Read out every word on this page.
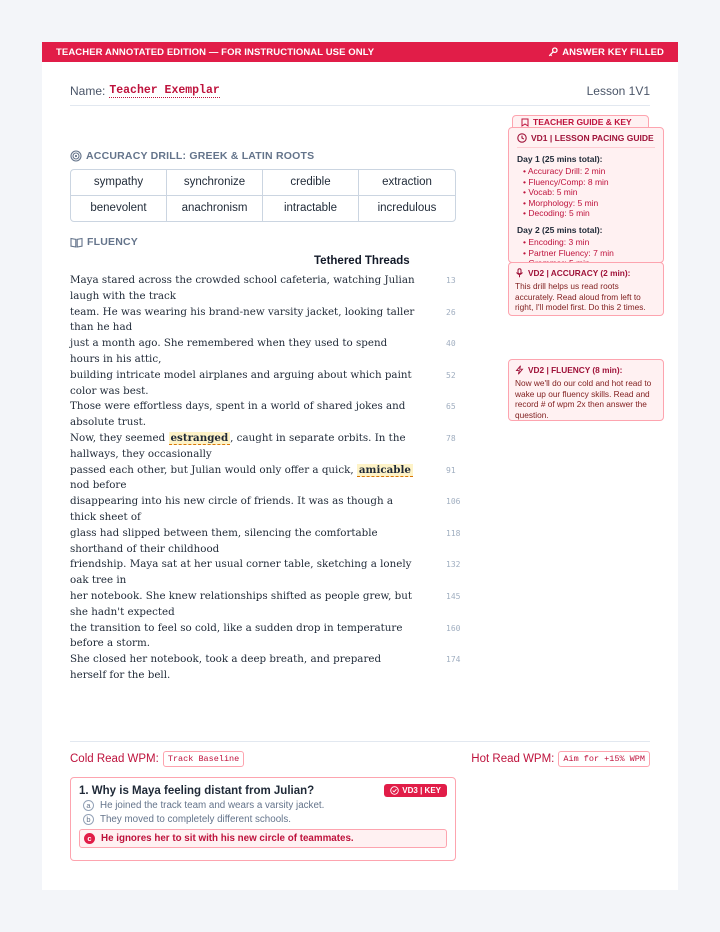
TEACHER ANNOTATED EDITION — FOR INSTRUCTIONAL USE ONLY	ANSWER KEY FILLED
Name: Teacher Exemplar	Lesson 1V1
ACCURACY DRILL: GREEK & LATIN ROOTS
sympathy	synchronize	credible	extraction
benevolent	anachronism	intractable	incredulous
FLUENCY
Tethered Threads
Maya stared across the crowded school cafeteria, watching Julian laugh with the track
13
team. He was wearing his brand-new varsity jacket, looking taller than he had
26
just a month ago. She remembered when they used to spend hours in his attic,
40
building intricate model airplanes and arguing about which paint color was best.
52
Those were effortless days, spent in a world of shared jokes and absolute trust.
65
Now, they seemed estranged , caught in separate orbits. In the hallways, they occasionally
78
passed each other, but Julian would only offer a quick, amicable nod before
91
disappearing into his new circle of friends. It was as though a thick sheet of
106
glass had slipped between them, silencing the comfortable shorthand of their childhood
118
friendship. Maya sat at her usual corner table, sketching a lonely oak tree in
132
her notebook. She knew relationships shifted as people grew, but she hadn't expected
145
the transition to feel so cold, like a sudden drop in temperature before a storm.
160
She closed her notebook, took a deep breath, and prepared herself for the bell.
174
TEACHER GUIDE & KEY
VD1 | LESSON PACING GUIDE
Day 1 (25 mins total):
• Accuracy Drill: 2 min
• Fluency/Comp: 8 min
• Vocab: 5 min
• Morphology: 5 min
• Decoding: 5 min
Day 2 (25 mins total):
• Encoding: 3 min
• Partner Fluency: 7 min
•
VD2 | ACCURACY (2 min):
This drill helps us read roots accurately. Read aloud from left to right, I'll model first. Do this 2 times.
VD2 | FLUENCY (8 min):
Now we'll do our cold and hot read to wake up our fluency skills. Read and record # of wpm 2x then answer the question.
Cold Read WPM:	Track Baseline	Hot Read WPM:	Aim for +15% WPM
1. Why is Maya feeling distant from Julian?	VD3 | KEY
a He joined the track team and wears a varsity jacket.
b They moved to completely different schools.
c He ignores her to sit with his new circle of teammates.
